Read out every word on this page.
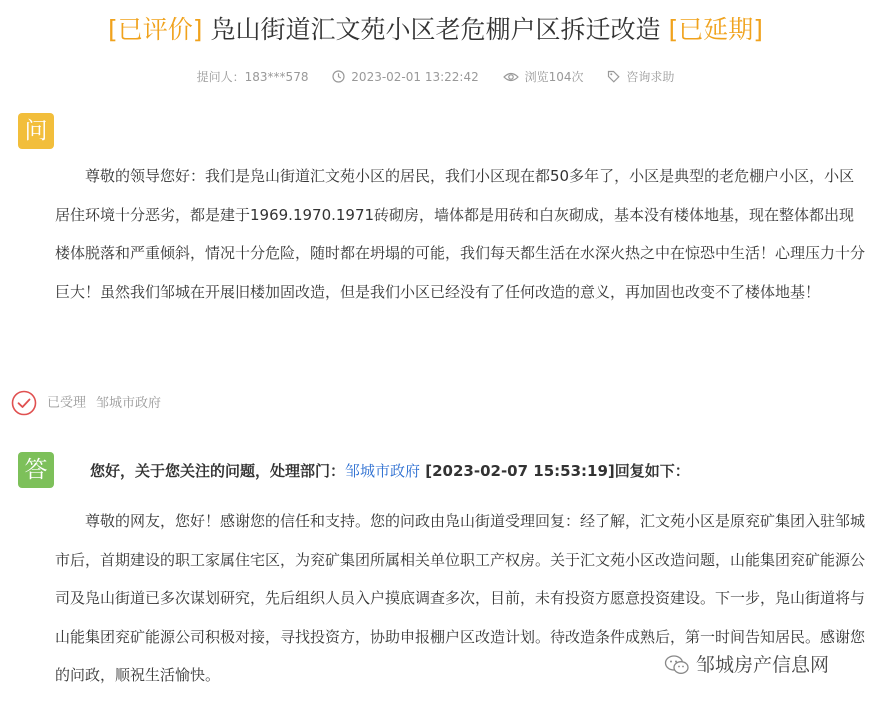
[已评价] 凫山街道汇文苑小区老危棚户区拆迁改造 [已延期]
提问人：183***578	2023-02-01 13:22:42	浏览104次	咨询求助
问

　　尊敬的领导您好：我们是凫山街道汇文苑小区的居民，我们小区现在都50多年了，小区是典型的老危棚户小区，小区居住环境十分恶劣，都是建于1969.1970.1971砖砌房，墙体都是用砖和白灰砌成，基本没有楼体地基，现在整体都出现楼体脱落和严重倾斜，情况十分危险，随时都在坍塌的可能，我们每天都生活在水深火热之中在惊恐中生活！心理压力十分巨大！虽然我们邹城在开展旧楼加固改造，但是我们小区已经没有了任何改造的意义，再加固也改变不了楼体地基！

已受理 邹城市政府
答	您好，关于您关注的问题，处理部门：邹城市政府 [2023-02-07 15:53:19]回复如下：

　　尊敬的网友，您好！感谢您的信任和支持。您的问政由凫山街道受理回复：经了解，汇文苑小区是原兖矿集团入驻邹城市后，首期建设的职工家属住宅区，为兖矿集团所属相关单位职工产权房。关于汇文苑小区改造问题，山能集团兖矿能源公司及凫山街道已多次谋划研究，先后组织人员入户摸底调查多次，目前，未有投资方愿意投资建设。下一步，凫山街道将与山能集团兖矿能源公司积极对接，寻找投资方，协助申报棚户区改造计划。待改造条件成熟后，第一时间告知居民。感谢您的问政，顺祝生活愉快。	邹城房产信息网
